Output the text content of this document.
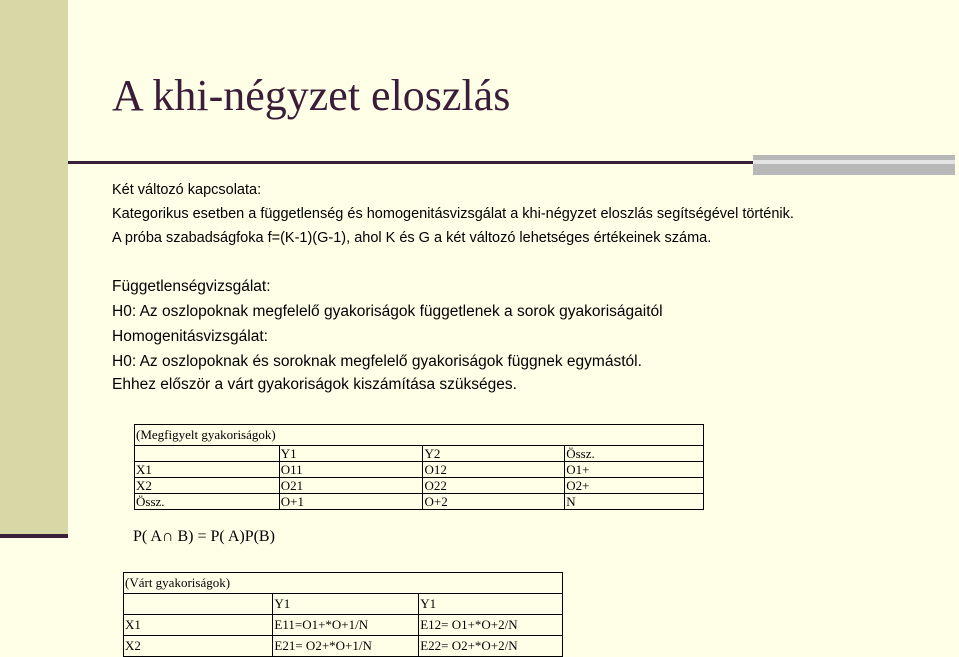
A khi-négyzet eloszlás
Két változó kapcsolata:
Kategorikus esetben a függetlenség és homogenitásvizsgálat a khi-négyzet eloszlás segítségével történik.
A próba szabadságfoka f=(K-1)(G-1), ahol K és G a két változó lehetséges értékeinek száma.
Függetlenségvizsgálat:
H0: Az oszlopoknak megfelelő gyakoriságok függetlenek a sorok gyakoriságaitól
Homogenitásvizsgálat:
H0: Az oszlopoknak és soroknak megfelelő gyakoriságok függnek egymástól.
Ehhez először a várt gyakoriságok kiszámítása szükséges.
(Megfigyelt gyakoriságok)			
	Y1	Y2	Össz.
X1	O11	O12	O1+
X2	O21	O22	O2+
Össz.	O+1	O+2	N
P( A∩ B) = P( A)P(B)
(Várt gyakoriságok)		
	Y1	Y1
X1	E11=O1+*O+1/N	E12= O1+*O+2/N
X2	E21= O2+*O+1/N	E22= O2+*O+2/N
